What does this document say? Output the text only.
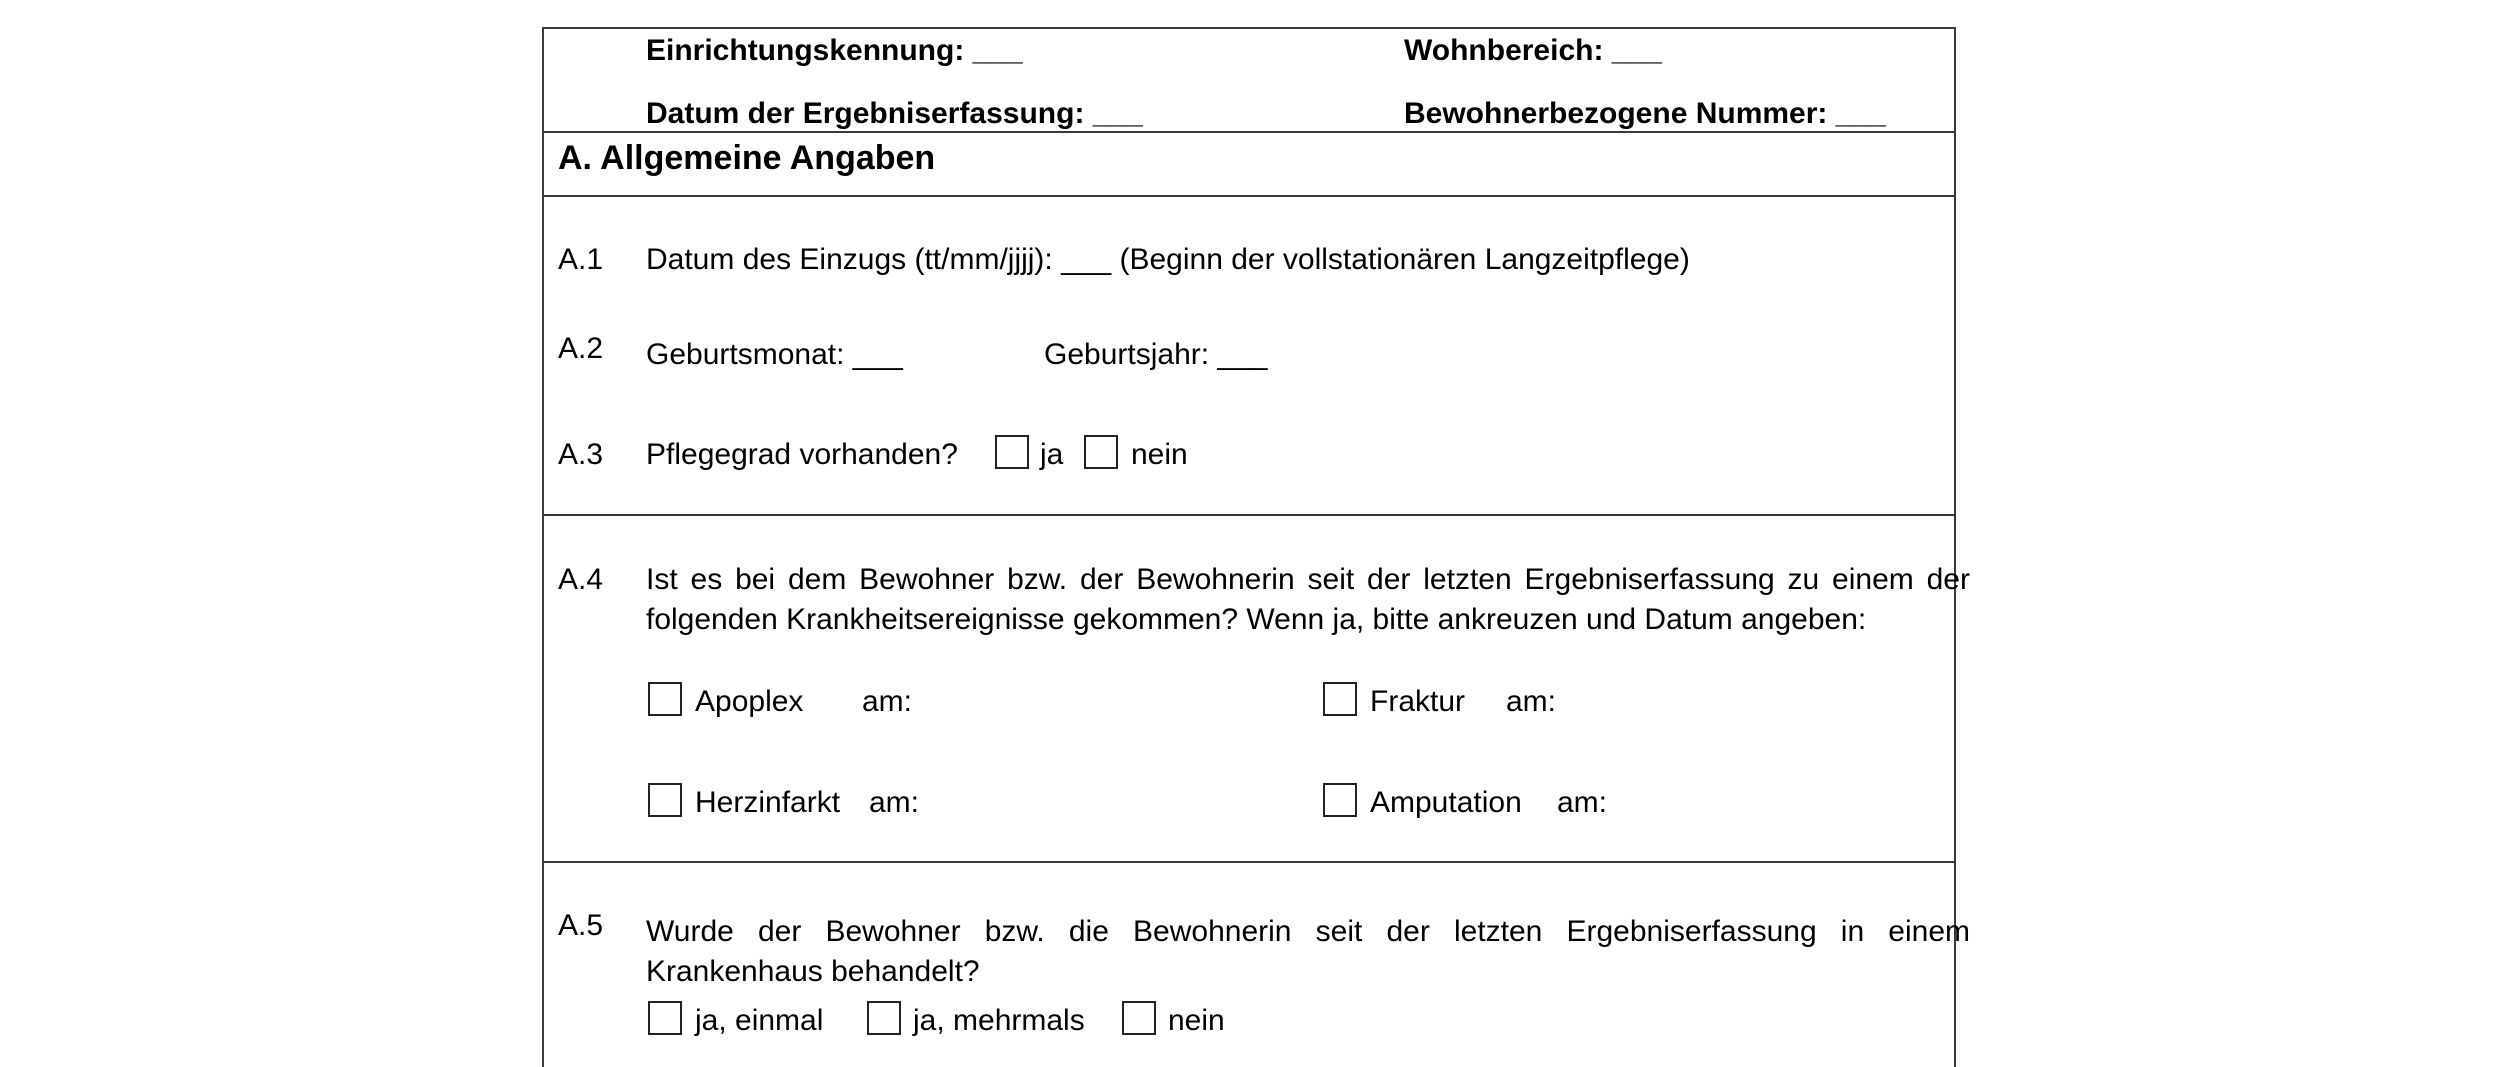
Einrichtungskennung: ___	Wohnbereich: ___
Datum der Ergebniserfassung: ___	Bewohnerbezogene Nummer: ___
A. Allgemeine Angaben
A.1 Datum des Einzugs (tt/mm/jjjj): ___ (Beginn der vollstationären Langzeitpflege)
A.2 Geburtsmonat: ___	Geburtsjahr: ___
A.3 Pflegegrad vorhanden?	ja nein
A.4 Ist es bei dem Bewohner bzw. der Bewohnerin seit der letzten Ergebniserfassung zu einem der folgenden Krankheitsereignisse gekommen? Wenn ja, bitte ankreuzen und Datum angeben:
Apoplex am:	Fraktur am:
Herzinfarkt am:	Amputation am:
A.5 Wurde der Bewohner bzw. die Bewohnerin seit der letzten Ergebniserfassung in einem Krankenhaus behandelt?
ja, einmal	ja, mehrmals	nein
